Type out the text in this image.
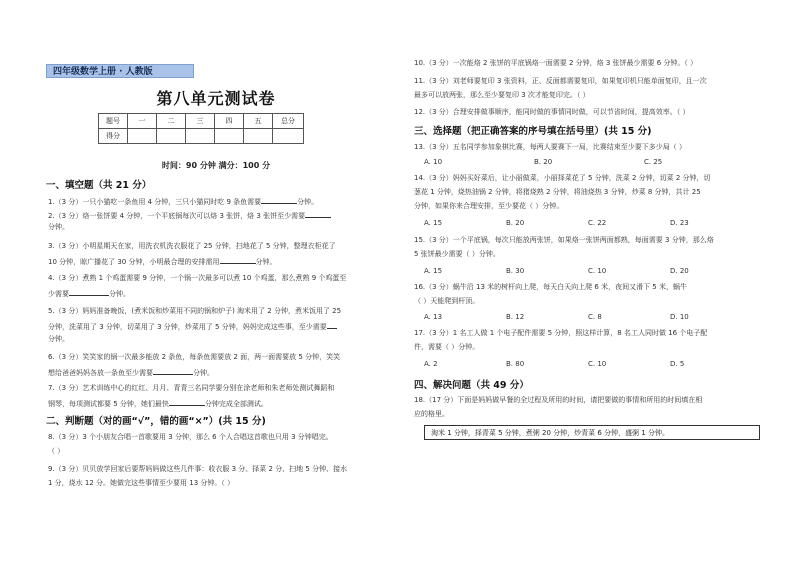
四年级数学上册 · 人教版
第八单元测试卷
题号	一	二	三	四	五	总分
得分						
时间：90 分钟 满分：100 分
一、填空题（共 21 分）
1.（3 分）一只小猫吃一条鱼用 4 分钟，三只小猫同时吃 9 条鱼需要	分钟。
2.（3 分）烙一张饼要 4 分钟，一个平底锅每次可以烙 3 张饼，烙 3 张饼至少需要
分钟。
3.（3 分）小明星期天在家，用洗衣机洗衣服花了 25 分钟，扫地花了 5 分钟，整理衣柜花了
10 分钟，晾广播花了 30 分钟，小明最合理的安排需用	分钟。
4.（3 分）煮熟 1 个鸡蛋需要 9 分钟，一个锅一次最多可以煮 10 个鸡蛋，那么煮熟 9 个鸡蛋至
少需要	分钟。
5.（3 分）妈妈准备晚饭，(煮米饭和炒菜用不同的锅和炉子) 淘米用了 2 分钟，煮米饭用了 25
分钟，洗菜用了 3 分钟，切菜用了 3 分钟，炒菜用了 5 分钟，妈妈完成这些事，至少需要
分钟。
6.（3 分）笑笑家的锅一次最多能放 2 条鱼，每条鱼需要放 2 面，两一面需要放 5 分钟，笑笑
想给爸爸妈妈各放一条鱼至少需要	分钟。
7.（3 分）艺术训练中心的红红、月月、青青三名同学要分别在涂老师和朱老师处测试舞蹈和
钢琴，每项测试都要 5 分钟，她们最快	分钟完成全部测试。
二、判断题（对的画“√”，错的画“×”）(共 15 分)
8.（3 分）3 个小朋友合唱一首歌要用 3 分钟，那么 6 个人合唱这首歌也只用 3 分钟唱完。
（ ）
9.（3 分）贝贝放学回家后要帮妈妈做这些几件事：收衣服 3 分、择菜 2 分、扫地 5 分钟、接水
1 分，烧水 12 分。她做完这些事情至少要用 13 分钟。（ ）
10.（3 分）一次能烙 2 张饼的平底锅烙一面需要 2 分钟，烙 3 张饼最少需要 6 分钟。（ ）
11.（3 分）刘老师要复印 3 张资料，正、反面都需要复印，如果复印机只能单面复印，且一次
最多可以放两张，那么至少要复印 3 次才能复印完。（ ）
12.（3 分）合理安排做事顺序，能同时做的事情同时做，可以节省时间，提高效率。（ ）
三、选择题（把正确答案的序号填在括号里）(共 15 分)
13.（3 分）五名同学参加象棋比赛，每两人要赛下一局，比赛结束至少要下多少局（ ）
A. 10	B. 20	C. 25
14.（3 分）妈妈买好菜后，让小丽做菜，小丽择菜花了 5 分钟，洗菜 2 分钟，切菜 2 分钟，切
葱花 1 分钟，烧热油锅 2 分钟，将猪烧熟 2 分钟，将油烧热 3 分钟，炒菜 8 分钟，共计 25
分钟，如果你来合理安排，至少要花（ ）分钟。
A. 15	B. 20	C. 22	D. 23
15.（3 分）一个平底锅，每次只能放两张饼，如果烙一张饼两面都熟，每面需要 3 分钟，那么烙
5 张饼最少需要（ ）分钟。
A. 15	B. 30	C. 10	D. 20
16.（3 分）蜗牛沿 13 米的树杆向上爬，每天白天向上爬 6 米，夜间又滑下 5 米，蜗牛
（ ）天能爬到杆顶。
A. 13	B. 12	C. 8	D. 10
17.（3 分）1 名工人做 1 个电子配件需要 5 分钟，照这样计算，8 名工人同时做 16 个电子配
件，需要（ ）分钟。
A. 2	B. 80	C. 10	D. 5
四、解决问题（共 49 分）
18.（17 分）下面是妈妈做早餐的全过程及所用的时间，请把要做的事情和所用的时间填在相
应的格里。
淘米 1 分钟，择青菜 5 分钟，煮粥 20 分钟，炒青菜 6 分钟，盛粥 1 分钟。
